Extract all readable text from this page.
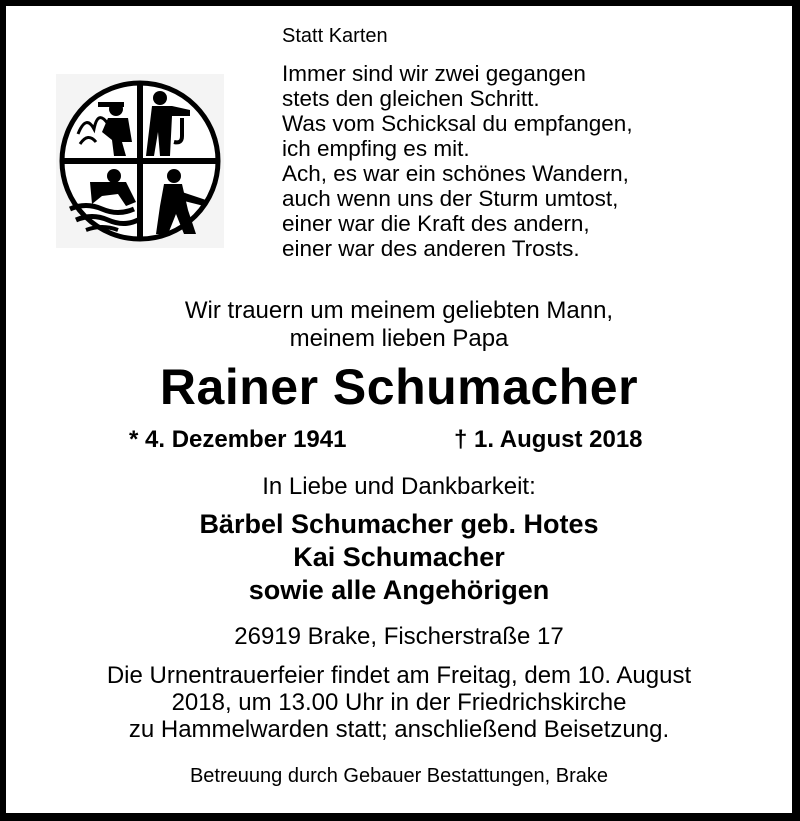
Statt Karten
Immer sind wir zwei gegangen
stets den gleichen Schritt.
Was vom Schicksal du empfangen,
ich empfing es mit.
Ach, es war ein schönes Wandern,
auch wenn uns der Sturm umtost,
einer war die Kraft des andern,
einer war des anderen Trosts.
Wir trauern um meinem geliebten Mann,
meinem lieben Papa
Rainer Schumacher
* 4. Dezember 1941	† 1. August 2018
In Liebe und Dankbarkeit:
Bärbel Schumacher geb. Hotes
Kai Schumacher
sowie alle Angehörigen
26919 Brake, Fischerstraße 17
Die Urnentrauerfeier findet am Freitag, dem 10. August
2018, um 13.00 Uhr in der Friedrichskirche
zu Hammelwarden statt; anschließend Beisetzung.
Betreuung durch Gebauer Bestattungen, Brake
